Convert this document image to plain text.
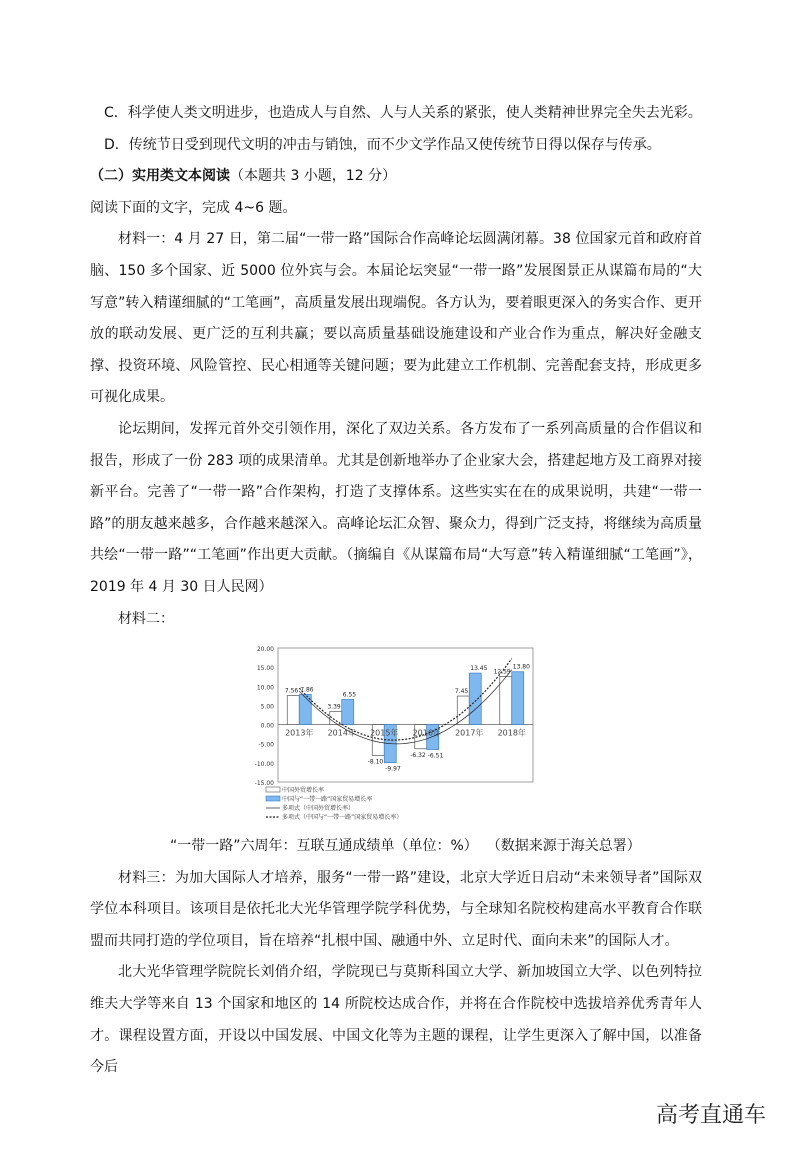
C．科学使人类文明进步，也造成人与自然、人与人关系的紧张，使人类精神世界完全失去光彩。
D．传统节日受到现代文明的冲击与销蚀，而不少文学作品又使传统节日得以保存与传承。
（二）实用类文本阅读（本题共 3 小题，12 分）
阅读下面的文字，完成 4~6 题。
材料一：4 月 27 日，第二届“一带一路”国际合作高峰论坛圆满闭幕。38 位国家元首和政府首脑、150 多个国家、近 5000 位外宾与会。本届论坛突显“一带一路”发展图景正从谋篇布局的“大写意”转入精谨细腻的“工笔画”，高质量发展出现端倪。各方认为，要着眼更深入的务实合作、更开放的联动发展、更广泛的互利共赢；要以高质量基础设施建设和产业合作为重点，解决好金融支撑、投资环境、风险管控、民心相通等关键问题；要为此建立工作机制、完善配套支持，形成更多可视化成果。
论坛期间，发挥元首外交引领作用，深化了双边关系。各方发布了一系列高质量的合作倡议和报告，形成了一份 283 项的成果清单。尤其是创新地举办了企业家大会，搭建起地方及工商界对接新平台。完善了“一带一路”合作架构，打造了支撑体系。这些实实在在的成果说明，共建“一带一路”的朋友越来越多，合作越来越深入。高峰论坛汇众智、聚众力，得到广泛支持，将继续为高质量共绘“一带一路”“工笔画”作出更大贡献。（摘编自《从谋篇布局“大写意”转入精谨细腻“工笔画”》，2019 年 4 月 30 日人民网）
材料二：
20.00
15.00
10.00
5.00
0.00
-5.00
-10.00
-15.00
7.56 7.86
2013年
3.39
6.55
2014年
-8.10
-9.97
2015年
-6.32 -6.51
2016年
7.45
13.45
2017年
12.59
13.80
2018年
中国外贸增长率
中国与“一带一路”国家贸易增长率
多项式（中国外贸增长率）
多项式（中国与“一带一路”国家贸易增长率）
“一带一路”六周年：互联互通成绩单（单位：%） （数据来源于海关总署）
材料三：为加大国际人才培养，服务“一带一路”建设，北京大学近日启动“未来领导者”国际双学位本科项目。该项目是依托北大光华管理学院学科优势，与全球知名院校构建高水平教育合作联盟而共同打造的学位项目，旨在培养“扎根中国、融通中外、立足时代、面向未来”的国际人才。
北大光华管理学院院长刘俏介绍，学院现已与莫斯科国立大学、新加坡国立大学、以色列特拉维夫大学等来自 13 个国家和地区的 14 所院校达成合作，并将在合作院校中选拔培养优秀青年人才。课程设置方面，开设以中国发展、中国文化等为主题的课程，让学生更深入了解中国，以准备今后
高考直通车
